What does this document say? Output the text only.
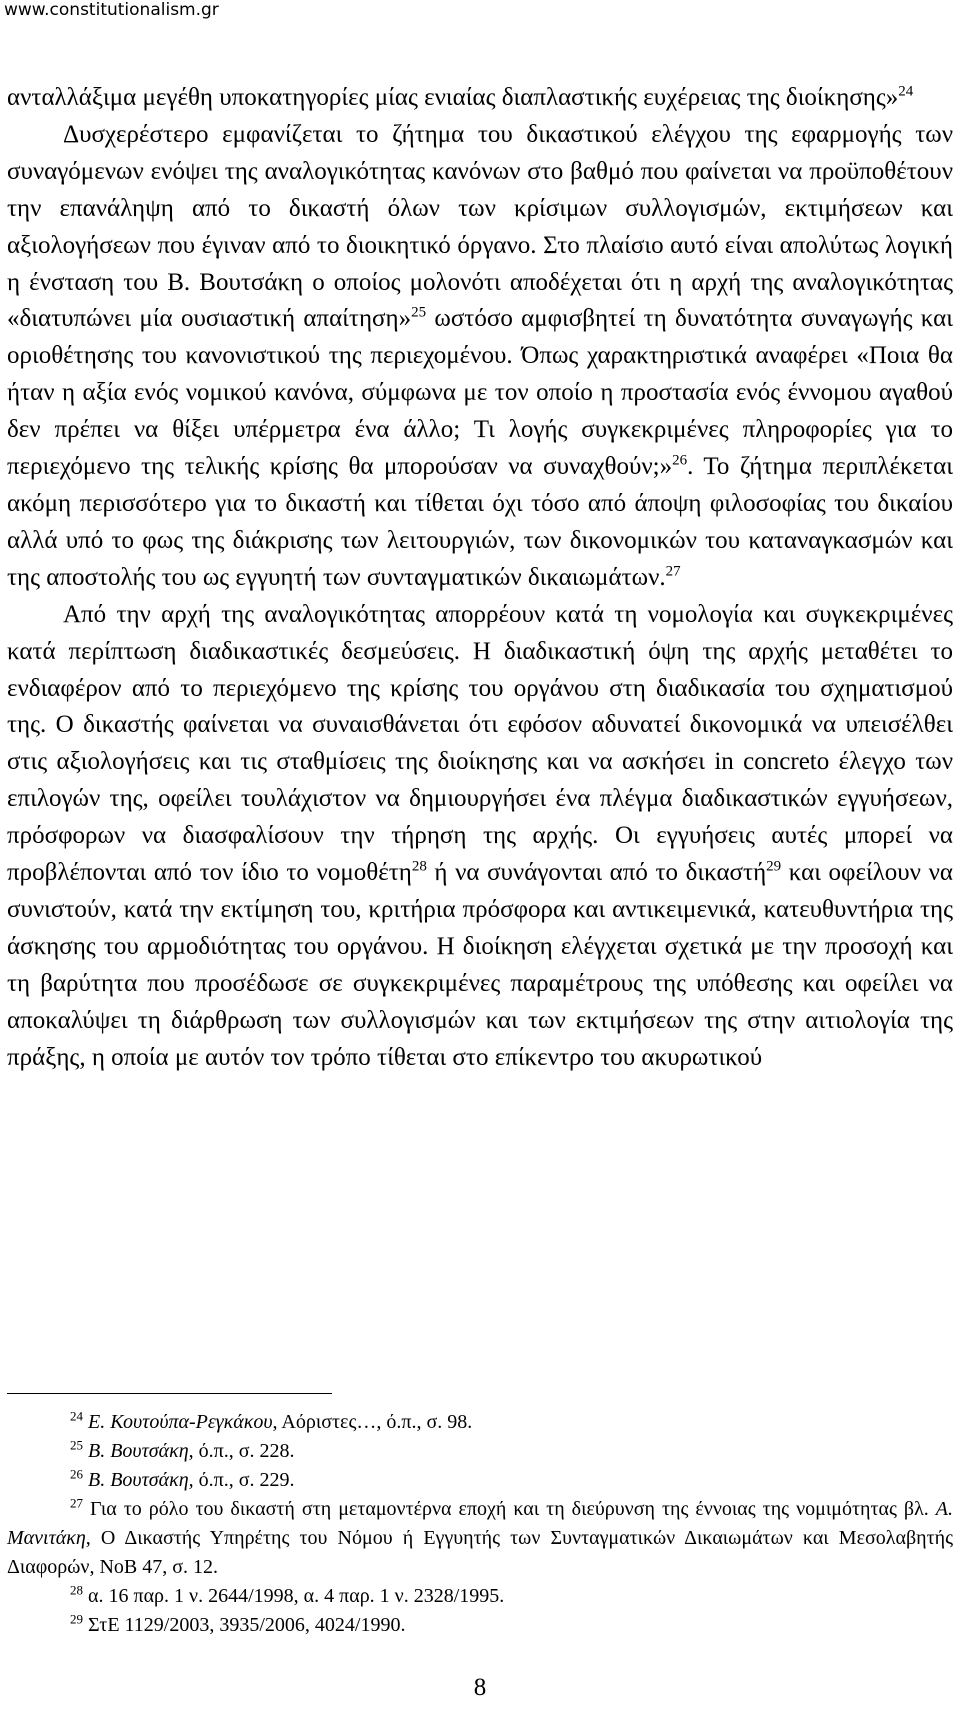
www.constitutionalism.gr

ανταλλάξιμα μεγέθη υποκατηγορίες μίας ενιαίας διαπλαστικής ευχέρειας της διοίκησης»$^{24}$

Δυσχερέστερο εμφανίζεται το ζήτημα του δικαστικού ελέγχου της εφαρμογής των συναγόμενων ενόψει της αναλογικότητας κανόνων στο βαθμό που φαίνεται να προϋποθέτουν την επανάληψη από το δικαστή όλων των κρίσιμων συλλογισμών, εκτιμήσεων και αξιολογήσεων που έγιναν από το διοικητικό όργανο. Στο πλαίσιο αυτό είναι απολύτως λογική η ένσταση του Β. Βουτσάκη ο οποίος μολονότι αποδέχεται ότι η αρχή της αναλογικότητας «διατυπώνει μία ουσιαστική απαίτηση»$^{25}$ ωστόσο αμφισβητεί τη δυνατότητα συναγωγής και οριοθέτησης του κανονιστικού της περιεχομένου. Όπως χαρακτηριστικά αναφέρει «Ποια θα ήταν η αξία ενός νομικού κανόνα, σύμφωνα με τον οποίο η προστασία ενός έννομου αγαθού δεν πρέπει να θίξει υπέρμετρα ένα άλλο; Τι λογής συγκεκριμένες πληροφορίες για το περιεχόμενο της τελικής κρίσης θα μπορούσαν να συναχθούν;»$^{26}$. Το ζήτημα περιπλέκεται ακόμη περισσότερο για το δικαστή και τίθεται όχι τόσο από άποψη φιλοσοφίας του δικαίου αλλά υπό το φως της διάκρισης των λειτουργιών, των δικονομικών του καταναγκασμών και της αποστολής του ως εγγυητή των συνταγματικών δικαιωμάτων.$^{27}$

Από την αρχή της αναλογικότητας απορρέουν κατά τη νομολογία και συγκεκριμένες κατά περίπτωση διαδικαστικές δεσμεύσεις. Η διαδικαστική όψη της αρχής μεταθέτει το ενδιαφέρον από το περιεχόμενο της κρίσης του οργάνου στη διαδικασία του σχηματισμού της. Ο δικαστής φαίνεται να συναισθάνεται ότι εφόσον αδυνατεί δικονομικά να υπεισέλθει στις αξιολογήσεις και τις σταθμίσεις της διοίκησης και να ασκήσει in concreto έλεγχο των επιλογών της, οφείλει τουλάχιστον να δημιουργήσει ένα πλέγμα διαδικαστικών εγγυήσεων, πρόσφορων να διασφαλίσουν την τήρηση της αρχής. Οι εγγυήσεις αυτές μπορεί να προβλέπονται από τον ίδιο το νομοθέτη$^{28}$ ή να συνάγονται από το δικαστή$^{29}$ και οφείλουν να συνιστούν, κατά την εκτίμηση του, κριτήρια πρόσφορα και αντικειμενικά, κατευθυντήρια της άσκησης του αρμοδιότητας του οργάνου. Η διοίκηση ελέγχεται σχετικά με την προσοχή και τη βαρύτητα που προσέδωσε σε συγκεκριμένες παραμέτρους της υπόθεσης και οφείλει να αποκαλύψει τη διάρθρωση των συλλογισμών και των εκτιμήσεων της στην αιτιολογία της πράξης, η οποία με αυτόν τον τρόπο τίθεται στο επίκεντρο του ακυρωτικού

$^{24}$ Ε. Κουτούπα-Ρεγκάκου, Αόριστες…, ό.π., σ. 98.

$^{25}$ Β. Βουτσάκη, ό.π., σ. 228.

$^{26}$ Β. Βουτσάκη, ό.π., σ. 229.

$^{27}$ Για το ρόλο του δικαστή στη μεταμοντέρνα εποχή και τη διεύρυνση της έννοιας της νομιμότητας βλ. Α. Μανιτάκη, Ο Δικαστής Υπηρέτης του Νόμου ή Εγγυητής των Συνταγματικών Δικαιωμάτων και Μεσολαβητής Διαφορών, ΝοΒ 47, σ. 12.

$^{28}$ α. 16 παρ. 1 ν. 2644/1998, α. 4 παρ. 1 ν. 2328/1995.

$^{29}$ ΣτΕ 1129/2003, 3935/2006, 4024/1990.

8
